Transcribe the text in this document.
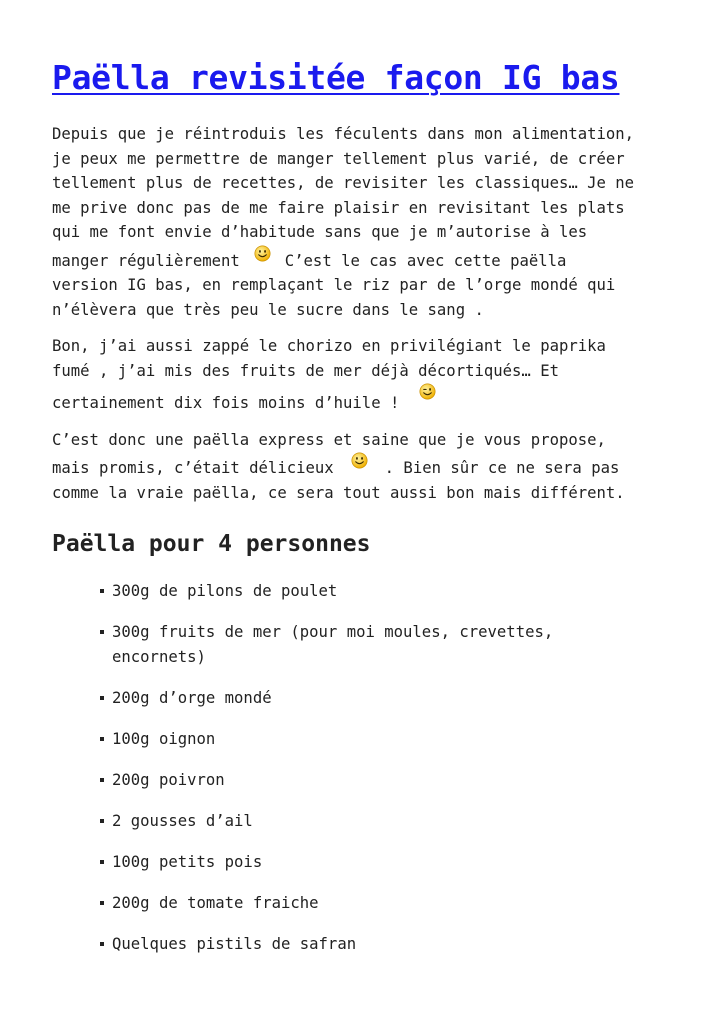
Paëlla revisitée façon IG bas

Depuis que je réintroduis les féculents dans mon alimentation,
je peux me permettre de manger tellement plus varié, de créer
tellement plus de recettes, de revisiter les classiques… Je ne
me prive donc pas de me faire plaisir en revisitant les plats
qui me font envie d’habitude sans que je m’autorise à les
manger régulièrement	C’est le cas avec cette paëlla
version IG bas, en remplaçant le riz par de l’orge mondé qui
n’élèvera que très peu le sucre dans le sang .

Bon, j’ai aussi zappé le chorizo en privilégiant le paprika
fumé , j’ai mis des fruits de mer déjà décortiqués… Et
certainement dix fois moins d’huile !

C’est donc une paëlla express et saine que je vous propose,
mais promis, c’était délicieux	. Bien sûr ce ne sera pas
comme la vraie paëlla, ce sera tout aussi bon mais différent.

Paëlla pour 4 personnes
300g de pilons de poulet
300g fruits de mer (pour moi moules, crevettes,
encornets)
200g d’orge mondé
100g oignon
200g poivron
2 gousses d’ail
100g petits pois
200g de tomate fraiche
Quelques pistils de safran
